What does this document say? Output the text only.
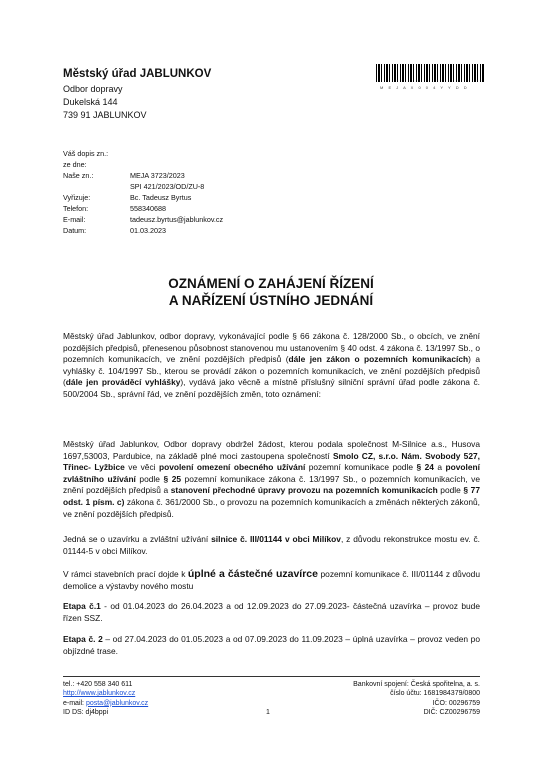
Městský úřad JABLUNKOV
Odbor dopravy
Dukelská 144
739 91 JABLUNKOV
M E J A X 0 0 4 Y Y D D
Váš dopis zn.:
ze dne:
Naše zn.:	MEJA 3723/2023
SPI 421/2023/OD/ZU-8
Vyřizuje:	Bc. Tadeusz Byrtus
Telefon:	558340688
E-mail:	tadeusz.byrtus@jablunkov.cz
Datum:	01.03.2023
OZNÁMENÍ O ZAHÁJENÍ ŘÍZENÍ
A NAŘÍZENÍ ÚSTNÍHO JEDNÁNÍ
Městský úřad Jablunkov, odbor dopravy, vykonávající podle § 66 zákona č. 128/2000 Sb., o obcích, ve znění pozdějších předpisů, přenesenou působnost stanovenou mu ustanovením § 40 odst. 4 zákona č. 13/1997 Sb., o pozemních komunikacích, ve znění pozdějších předpisů (dále jen zákon o pozemních komunikacích) a vyhlášky č. 104/1997 Sb., kterou se provádí zákon o pozemních komunikacích, ve znění pozdějších předpisů (dále jen prováděcí vyhlášky), vydává jako věcně a místně příslušný silniční správní úřad podle zákona č. 500/2004 Sb., správní řád, ve znění pozdějších změn, toto oznámení:
Městský úřad Jablunkov, Odbor dopravy obdržel žádost, kterou podala společnost M-Silnice a.s., Husova 1697,53003, Pardubice, na základě plné moci zastoupena společností Smolo CZ, s.r.o. Nám. Svobody 527, Třinec- Lyžbice ve věci povolení omezení obecného užívání pozemní komunikace podle § 24 a povolení zvláštního užívání podle § 25 pozemní komunikace zákona č. 13/1997 Sb., o pozemních komunikacích, ve znění pozdějších předpisů a stanovení přechodné úpravy provozu na pozemních komunikacích podle § 77 odst. 1 písm. c) zákona č. 361/2000 Sb., o provozu na pozemních komunikacích a změnách některých zákonů, ve znění pozdějších předpisů.
Jedná se o uzavírku a zvláštní užívání silnice č. III/01144 v obci Milíkov, z důvodu rekonstrukce mostu ev. č. 01144-5 v obci Milíkov.
V rámci stavebních prací dojde k úplné a částečné uzavírce pozemní komunikace č. III/01144 z důvodu demolice a výstavby nového mostu
Etapa č.1 - od 01.04.2023 do 26.04.2023 a od 12.09.2023 do 27.09.2023- částečná uzavírka – provoz bude řízen SSZ.
Etapa č. 2 – od 27.04.2023 do 01.05.2023 a od 07.09.2023 do 11.09.2023 – úplná uzavírka – provoz veden po objízdné trase.
tel.: +420 558 340 611
http://www.jablunkov.cz
e-mail: posta@jablunkov.cz
ID DS: dj4bppi	1
Bankovní spojení: Česká spořitelna, a. s.
číslo účtu: 1681984379/0800
IČO: 00296759
DIČ: CZ00296759
